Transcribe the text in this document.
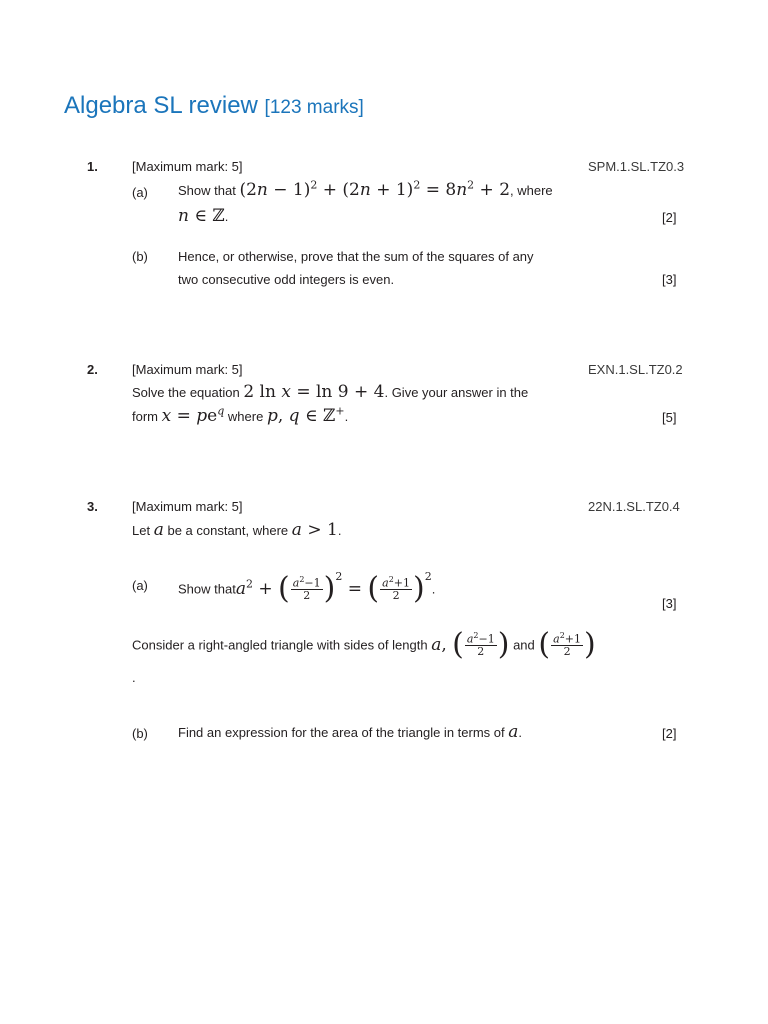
Algebra SL review [123 marks]
1.	[Maximum mark: 5]	SPM.1.SL.TZ0.3
(a) Show that $(2n - 1)^2 + (2n + 1)^2 = 8n^2 + 2$, where
n ∈ ℤ.	[2]
(b) Hence, or otherwise, prove that the sum of the squares of any
two consecutive odd integers is even.	[3]
2.	[Maximum mark: 5]	EXN.1.SL.TZ0.2
Solve the equation 2 ln x = ln 9 + 4. Give your answer in the
form $x = pe^q$ where p, q ∈ ℤ+.	[5]
3.	[Maximum mark: 5]	22N.1.SL.TZ0.4
Let a be a constant, where a > 1.
(a) Show thata$^2$ + ( $\frac{a^2-1}{2} )^2$ = ( $\frac{a^2+1}{2} )^2$.
[3]
Consider a right-angled triangle with sides of length a, ( $\frac{a^2-1}{2}$ ) and ( $\frac{a^2+1}{2}$ )
.
(b) Find an expression for the area of the triangle in terms of a.	[2]
